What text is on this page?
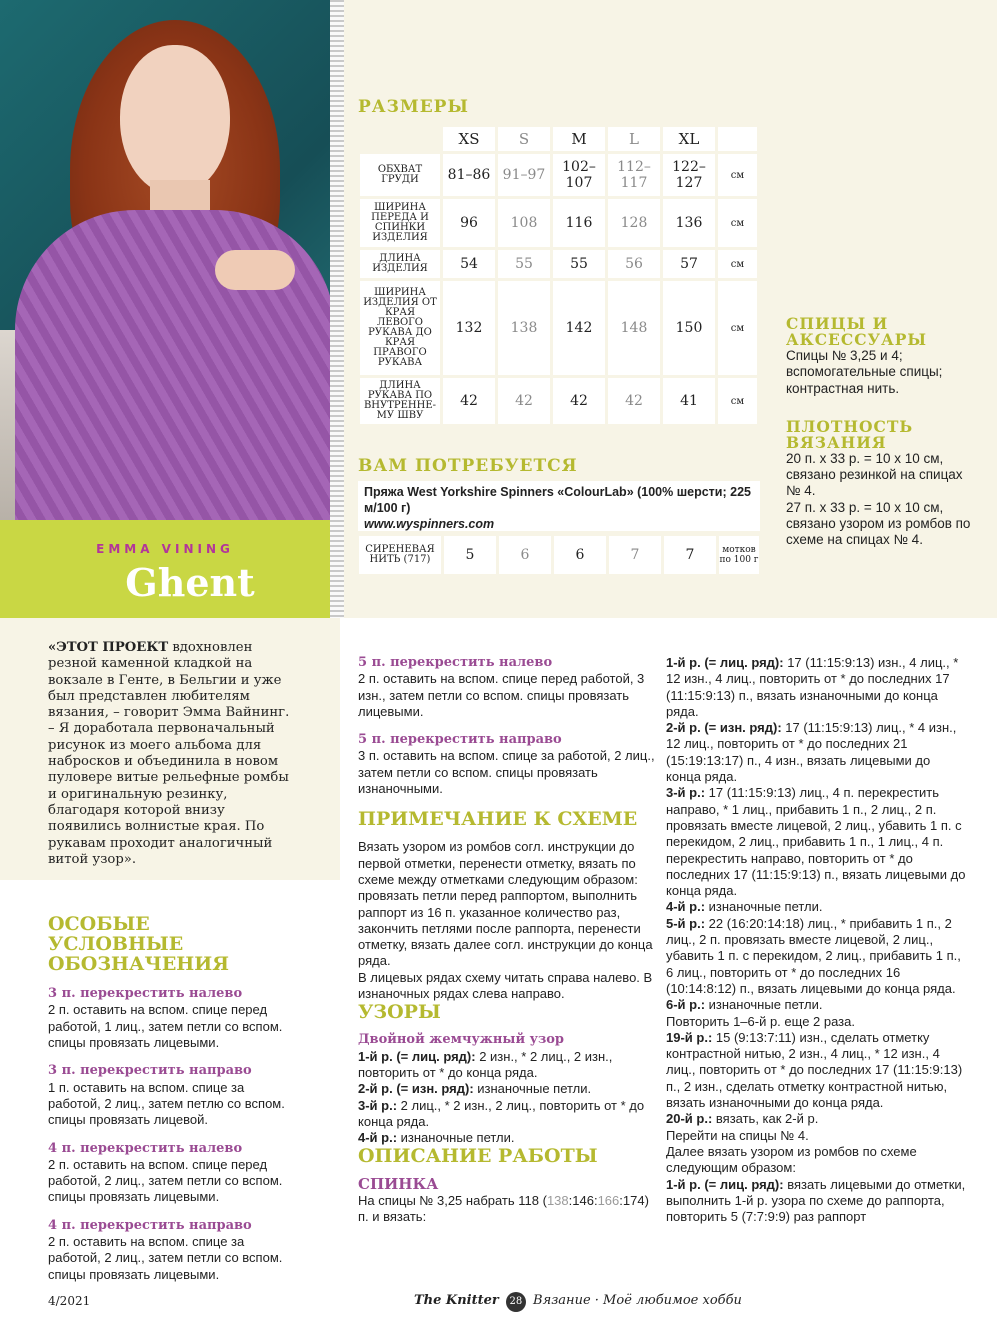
EMMA VINING
Ghent
РАЗМЕРЫ
	XS	S	M	L	XL	
ОБХВАТ ГРУДИ	81–86	91–97	102–107	112–117	122–127	см
ШИРИНА ПЕРЕДА И СПИНКИ ИЗДЕЛИЯ	96	108	116	128	136	см
ДЛИНА ИЗДЕЛИЯ	54	55	55	56	57	см
ШИРИНА ИЗДЕЛИЯ ОТ КРАЯ ЛЕВОГО РУКАВА ДО КРАЯ ПРАВОГО РУКАВА	132	138	142	148	150	см
ДЛИНА РУКАВА ПО ВНУТРЕННЕ-МУ ШВУ	42	42	42	42	41	см
ВАМ ПОТРЕБУЕТСЯ
Пряжа West Yorkshire Spinners «ColourLab» (100% шерсти; 225 м/100 г)
www.wyspinners.com
СИРЕНЕВАЯ НИТЬ (717)	5	6	6	7	7	мотков по 100 г
СПИЦЫ И АКСЕССУАРЫ

Спицы № 3,25 и 4; вспомогательные спицы; контрастная нить.

ПЛОТНОСТЬ ВЯЗАНИЯ

20 п. х 33 р. = 10 х 10 см, связано резинкой на спицах № 4.

27 п. х 33 р. = 10 х 10 см, связано узором из ромбов по схеме на спицах № 4.

«ЭТОТ ПРОЕКТ вдохновлен резной каменной кладкой на вокзале в Генте, в Бельгии и уже был представлен любителям вязания, – говорит Эмма Вайнинг. – Я доработала первоначальный рисунок из моего альбома для набросков и объединила в новом пуловере витые рельефные ромбы и оригинальную резинку, благодаря которой внизу появились волнистые края. По рукавам проходит аналогичный витой узор».

ОСОБЫЕ УСЛОВНЫЕ ОБОЗНАЧЕНИЯ

3 п. перекрестить налево

2 п. оставить на вспом. спице перед работой, 1 лиц., затем петли со вспом. спицы провязать лицевыми.

3 п. перекрестить направо

1 п. оставить на вспом. спице за работой, 2 лиц., затем петлю со вспом. спицы провязать лицевой.

4 п. перекрестить налево

2 п. оставить на вспом. спице перед работой, 2 лиц., затем петли со вспом. спицы провязать лицевыми.

4 п. перекрестить направо

2 п. оставить на вспом. спице за работой, 2 лиц., затем петли со вспом. спицы провязать лицевыми.

5 п. перекрестить налево

2 п. оставить на вспом. спице перед работой, 3 изн., затем петли со вспом. спицы провязать лицевыми.

5 п. перекрестить направо

3 п. оставить на вспом. спице за работой, 2 лиц., затем петли со вспом. спицы провязать изнаночными.

ПРИМЕЧАНИЕ К СХЕМЕ

Вязать узором из ромбов согл. инструкции до первой отметки, перенести отметку, вязать по схеме между отметками следующим образом: провязать петли перед раппортом, выполнить раппорт из 16 п. указанное количество раз, закончить петлями после раппорта, перенести отметку, вязать далее согл. инструкции до конца ряда.

В лицевых рядах схему читать справа налево. В изнаночных рядах слева направо.

УЗОРЫ

Двойной жемчужный узор

1-й р. (= лиц. ряд): 2 изн., * 2 лиц., 2 изн., повторить от * до конца ряда.

2-й р. (= изн. ряд): изнаночные петли.

3-й р.: 2 лиц., * 2 изн., 2 лиц., повторить от * до конца ряда.

4-й р.: изнаночные петли.

ОПИСАНИЕ РАБОТЫ

СПИНКА

На спицы № 3,25 набрать 118 (138:146:166:174) п. и вязать:

1-й р. (= лиц. ряд): 17 (11:15:9:13) изн., 4 лиц., * 12 изн., 4 лиц., повторить от * до последних 17 (11:15:9:13) п., вязать изнаночными до конца ряда.

2-й р. (= изн. ряд): 17 (11:15:9:13) лиц., * 4 изн., 12 лиц., повторить от * до последних 21 (15:19:13:17) п., 4 изн., вязать лицевыми до конца ряда.

3-й р.: 17 (11:15:9:13) лиц., 4 п. перекрестить направо, * 1 лиц., прибавить 1 п., 2 лиц., 2 п. провязать вместе лицевой, 2 лиц., убавить 1 п. с перекидом, 2 лиц., прибавить 1 п., 1 лиц., 4 п. перекрестить направо, повторить от * до последних 17 (11:15:9:13) п., вязать лицевыми до конца ряда.

4-й р.: изнаночные петли.

5-й р.: 22 (16:20:14:18) лиц., * прибавить 1 п., 2 лиц., 2 п. провязать вместе лицевой, 2 лиц., убавить 1 п. с перекидом, 2 лиц., прибавить 1 п., 6 лиц., повторить от * до последних 16 (10:14:8:12) п., вязать лицевыми до конца ряда.

6-й р.: изнаночные петли.

Повторить 1–6-й р. еще 2 раза.

19-й р.: 15 (9:13:7:11) изн., сделать отметку контрастной нитью, 2 изн., 4 лиц., * 12 изн., 4 лиц., повторить от * до последних 17 (11:15:9:13) п., 2 изн., сделать отметку контрастной нитью, вязать изнаночными до конца ряда.

20-й р.: вязать, как 2-й р.

Перейти на спицы № 4.

Далее вязать узором из ромбов по схеме следующим образом:

1-й р. (= лиц. ряд): вязать лицевыми до отметки, выполнить 1-й р. узора по схеме до раппорта, повторить 5 (7:7:9:9) раз раппорт

4/2021	The Knitter 28 Вязание · Моё любимое хобби
